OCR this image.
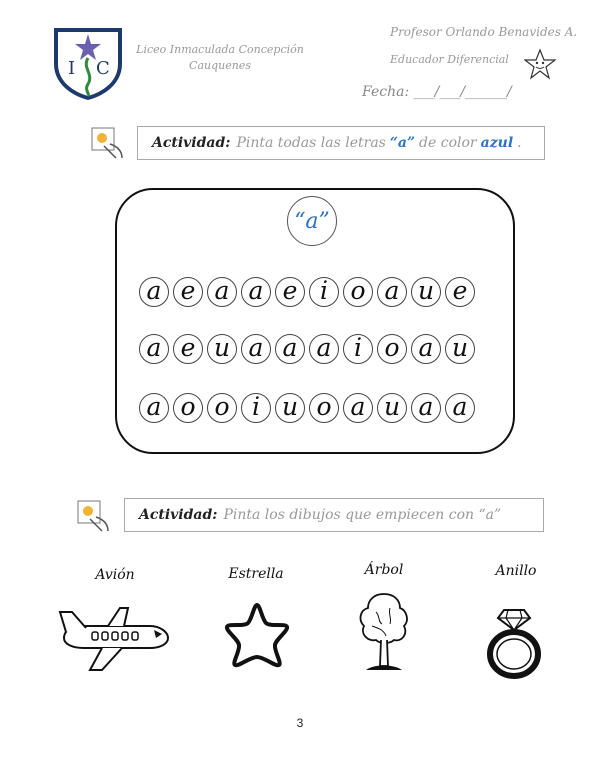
I C
Liceo Inmaculada Concepción
Cauquenes
Profesor Orlando Benavides A.
Educador Diferencial
Fecha: ___/___/______/
Actividad: Pinta todas las letras “a” de color azul .
“a”
a e a a e i o a u e
a e u a a a i o a u
a o o i u o a u a a
Actividad: Pinta los dibujos que empiecen con “a”
Avión	Estrella	Árbol	Anillo
3
